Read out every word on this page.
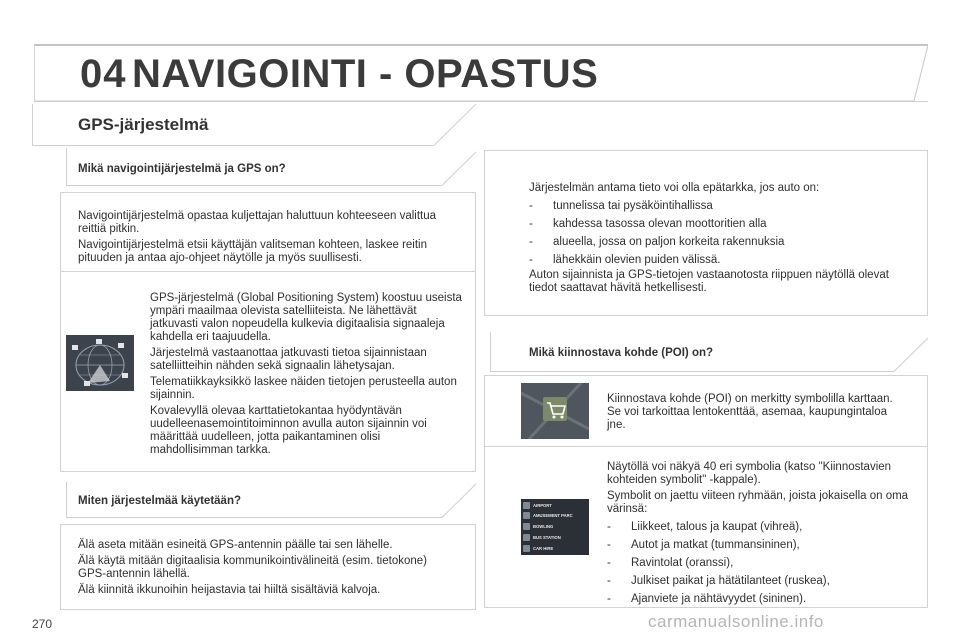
04 NAVIGOINTI - OPASTUS
GPS-järjestelmä
Mikä navigointijärjestelmä ja GPS on?

Navigointijärjestelmä opastaa kuljettajan haluttuun kohteeseen valittua reittiä pitkin.

Navigointijärjestelmä etsii käyttäjän valitseman kohteen, laskee reitin pituuden ja antaa ajo-ohjeet näytölle ja myös suullisesti.

GPS-järjestelmä (Global Positioning System) koostuu useista ympäri maailmaa olevista satelliiteista. Ne lähettävät jatkuvasti valon nopeudella kulkevia digitaalisia signaaleja kahdella eri taajuudella.

Järjestelmä vastaanottaa jatkuvasti tietoa sijainnistaan satelliitteihin nähden sekä signaalin lähetysajan.

Telematiikkayksikkö laskee näiden tietojen perusteella auton sijainnin.

Kovalevyllä olevaa karttatietokantaa hyödyntävän uudelleenasemointitoiminnon avulla auton sijainnin voi määrittää uudelleen, jotta paikantaminen olisi mahdollisimman tarkka.

Miten järjestelmää käytetään?

Älä aseta mitään esineitä GPS-antennin päälle tai sen lähelle.

Älä käytä mitään digitaalisia kommunikointivälineitä (esim. tietokone) GPS-antennin lähellä.

Älä kiinnitä ikkunoihin heijastavia tai hiiltä sisältäviä kalvoja.

Järjestelmän antama tieto voi olla epätarkka, jos auto on:

- tunnelissa tai pysäköintihallissa
- kahdessa tasossa olevan moottoritien alla
- alueella, jossa on paljon korkeita rakennuksia
- lähekkäin olevien puiden välissä.

Auton sijainnista ja GPS-tietojen vastaanotosta riippuen näytöllä olevat tiedot saattavat hävitä hetkellisesti.

Mikä kiinnostava kohde (POI) on?
Kiinnostava kohde (POI) on merkitty symbolilla karttaan. Se voi tarkoittaa lentokenttää, asemaa, kaupungintaloa jne.
AIRPORT
AMUSEMENT PARC
BOWLING
BUS STATION
CAR HIRE

Näytöllä voi näkyä 40 eri symbolia (katso "Kiinnostavien kohteiden symbolit" -kappale).

Symbolit on jaettu viiteen ryhmään, joista jokaisella on oma värinsä:

- Liikkeet, talous ja kaupat (vihreä),
- Autot ja matkat (tummansininen),
- Ravintolat (oranssi),
- Julkiset paikat ja hätätilanteet (ruskea),
- Ajanviete ja nähtävyydet (sininen).
270	carmanualsonline.info
